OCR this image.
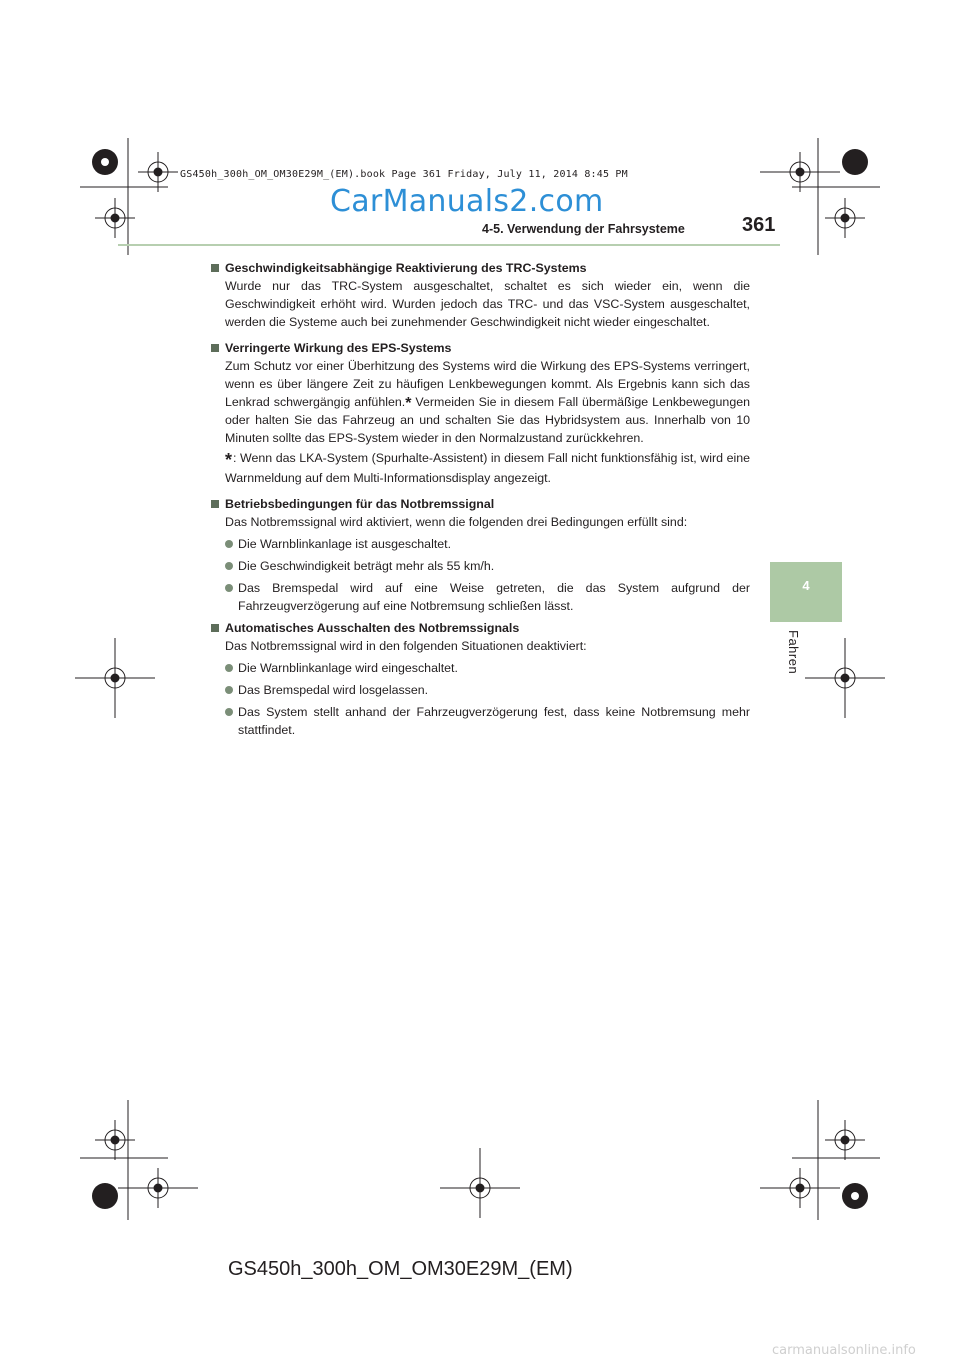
GS450h_300h_OM_OM30E29M_(EM).book Page 361 Friday, July 11, 2014 8:45 PM
CarManuals2.com
4-5. Verwendung der Fahrsysteme	361
4
Fahren
Geschwindigkeitsabhängige Reaktivierung des TRC-Systems
Wurde nur das TRC-System ausgeschaltet, schaltet es sich wieder ein, wenn die Geschwindigkeit erhöht wird. Wurden jedoch das TRC- und das VSC-System ausgeschaltet, werden die Systeme auch bei zunehmender Geschwindigkeit nicht wieder eingeschaltet.
Verringerte Wirkung des EPS-Systems
Zum Schutz vor einer Überhitzung des Systems wird die Wirkung des EPS-Systems verringert, wenn es über längere Zeit zu häufigen Lenkbewegungen kommt. Als Ergebnis kann sich das Lenkrad schwergängig anfühlen.* Vermeiden Sie in diesem Fall übermäßige Lenkbewegungen oder halten Sie das Fahrzeug an und schalten Sie das Hybridsystem aus. Innerhalb von 10 Minuten sollte das EPS-System wieder in den Normalzustand zurückkehren.
*: Wenn das LKA-System (Spurhalte-Assistent) in diesem Fall nicht funktionsfähig ist, wird eine Warnmeldung auf dem Multi-Informationsdisplay angezeigt.
Betriebsbedingungen für das Notbremssignal
Das Notbremssignal wird aktiviert, wenn die folgenden drei Bedingungen erfüllt sind:
Die Warnblinkanlage ist ausgeschaltet.
Die Geschwindigkeit beträgt mehr als 55 km/h.
Das Bremspedal wird auf eine Weise getreten, die das System aufgrund der Fahrzeugverzögerung auf eine Notbremsung schließen lässt.
Automatisches Ausschalten des Notbremssignals
Das Notbremssignal wird in den folgenden Situationen deaktiviert:
Die Warnblinkanlage wird eingeschaltet.
Das Bremspedal wird losgelassen.
Das System stellt anhand der Fahrzeugverzögerung fest, dass keine Notbremsung mehr stattfindet.
GS450h_300h_OM_OM30E29M_(EM)
carmanualsonline.info
